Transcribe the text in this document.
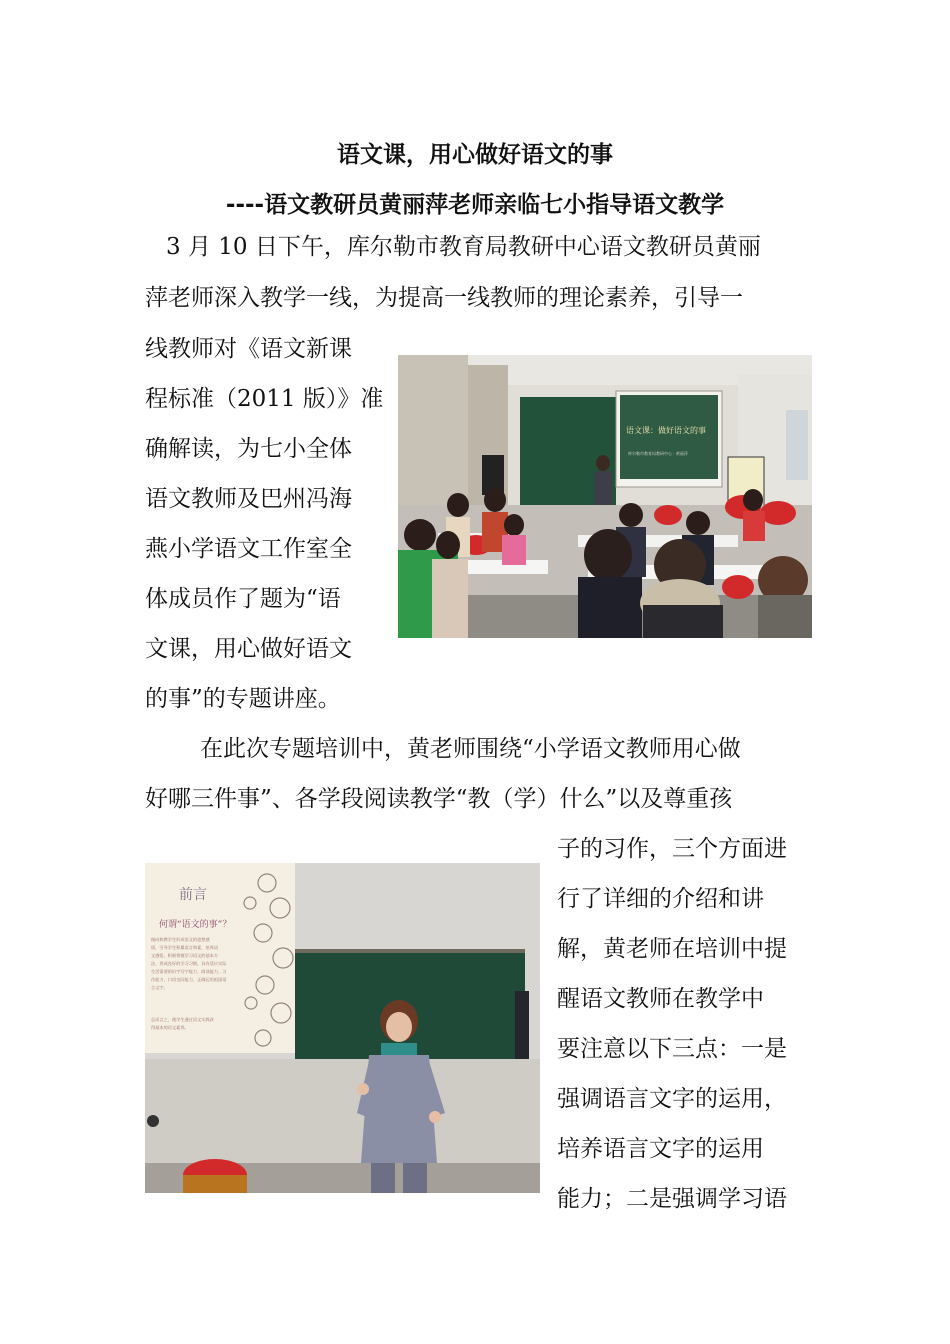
语文课，用心做好语文的事
----语文教研员黄丽萍老师亲临七小指导语文教学
3 月 10 日下午，库尔勒市教育局教研中心语文教研员黄丽
萍老师深入教学一线，为提高一线教师的理论素养，引导一
线教师对《语文新课
程标准（2011 版）》准
确解读，为七小全体
语文教师及巴州冯海
燕小学语文工作室全
体成员作了题为“语
文课，用心做好语文
的事”的专题讲座。
语文课：做好语文的事
库尔勒市教育局教研中心 · 黄丽萍
在此次专题培训中，黄老师围绕“小学语文教师用心做
好哪三件事”、各学段阅读教学“教（学）什么”以及尊重孩
子的习作，三个方面进
行了详细的介绍和讲
解，黄老师在培训中提
醒语文教师在教学中
要注意以下三点：一是
强调语言文字的运用，
培养语言文字的运用
能力；二是强调学习语
前言
何谓“语文的事”？
指向和教学生形成语文的思想感
情，引导学生积累语言和素，培养语
文感悟，积极掌握学习语文的基本方
法，养成良好的学习习惯，具有适应实际
生活需要的识字写字能力、阅读能力、习
作能力、口语交际能力，正确运用祖国语
言文字。
总而言之，使学生通过语文实践获
得基本的语文素养。
